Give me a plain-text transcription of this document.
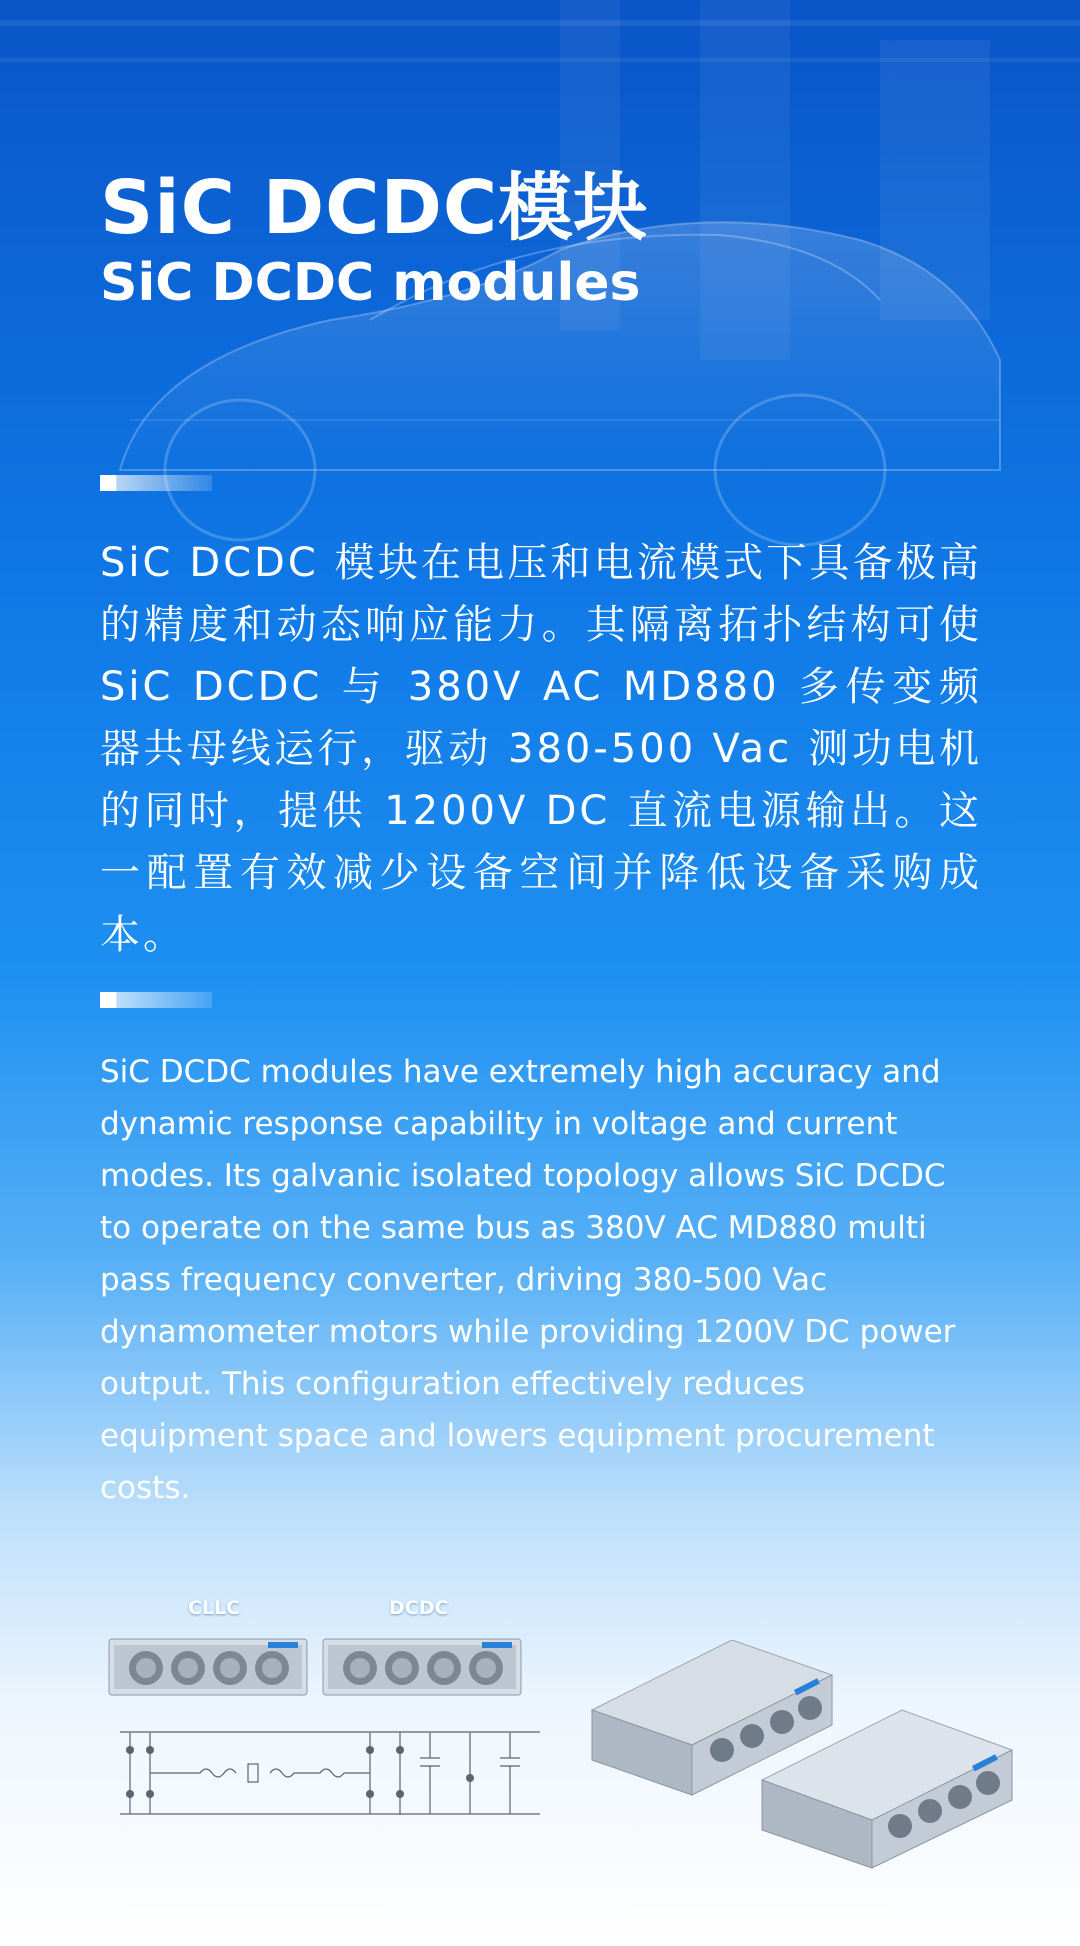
SiC DCDC模块
SiC DCDC modules

SiC DCDC 模块在电压和电流模式下具备极高的精度和动态响应能力。其隔离拓扑结构可使SiC DCDC 与 380V AC MD880 多传变频器共母线运行，驱动 380-500 Vac 测功电机的同时，提供 1200V DC 直流电源输出。这一配置有效减少设备空间并降低设备采购成本。

SiC DCDC modules have extremely high accuracy and dynamic response capability in voltage and current modes. Its galvanic isolated topology allows SiC DCDC to operate on the same bus as 380V AC MD880 multi pass frequency converter, driving 380-500 Vac dynamometer motors while providing 1200V DC power output. This configuration effectively reduces equipment space and lowers equipment procurement costs.

CLLC	DCDC
